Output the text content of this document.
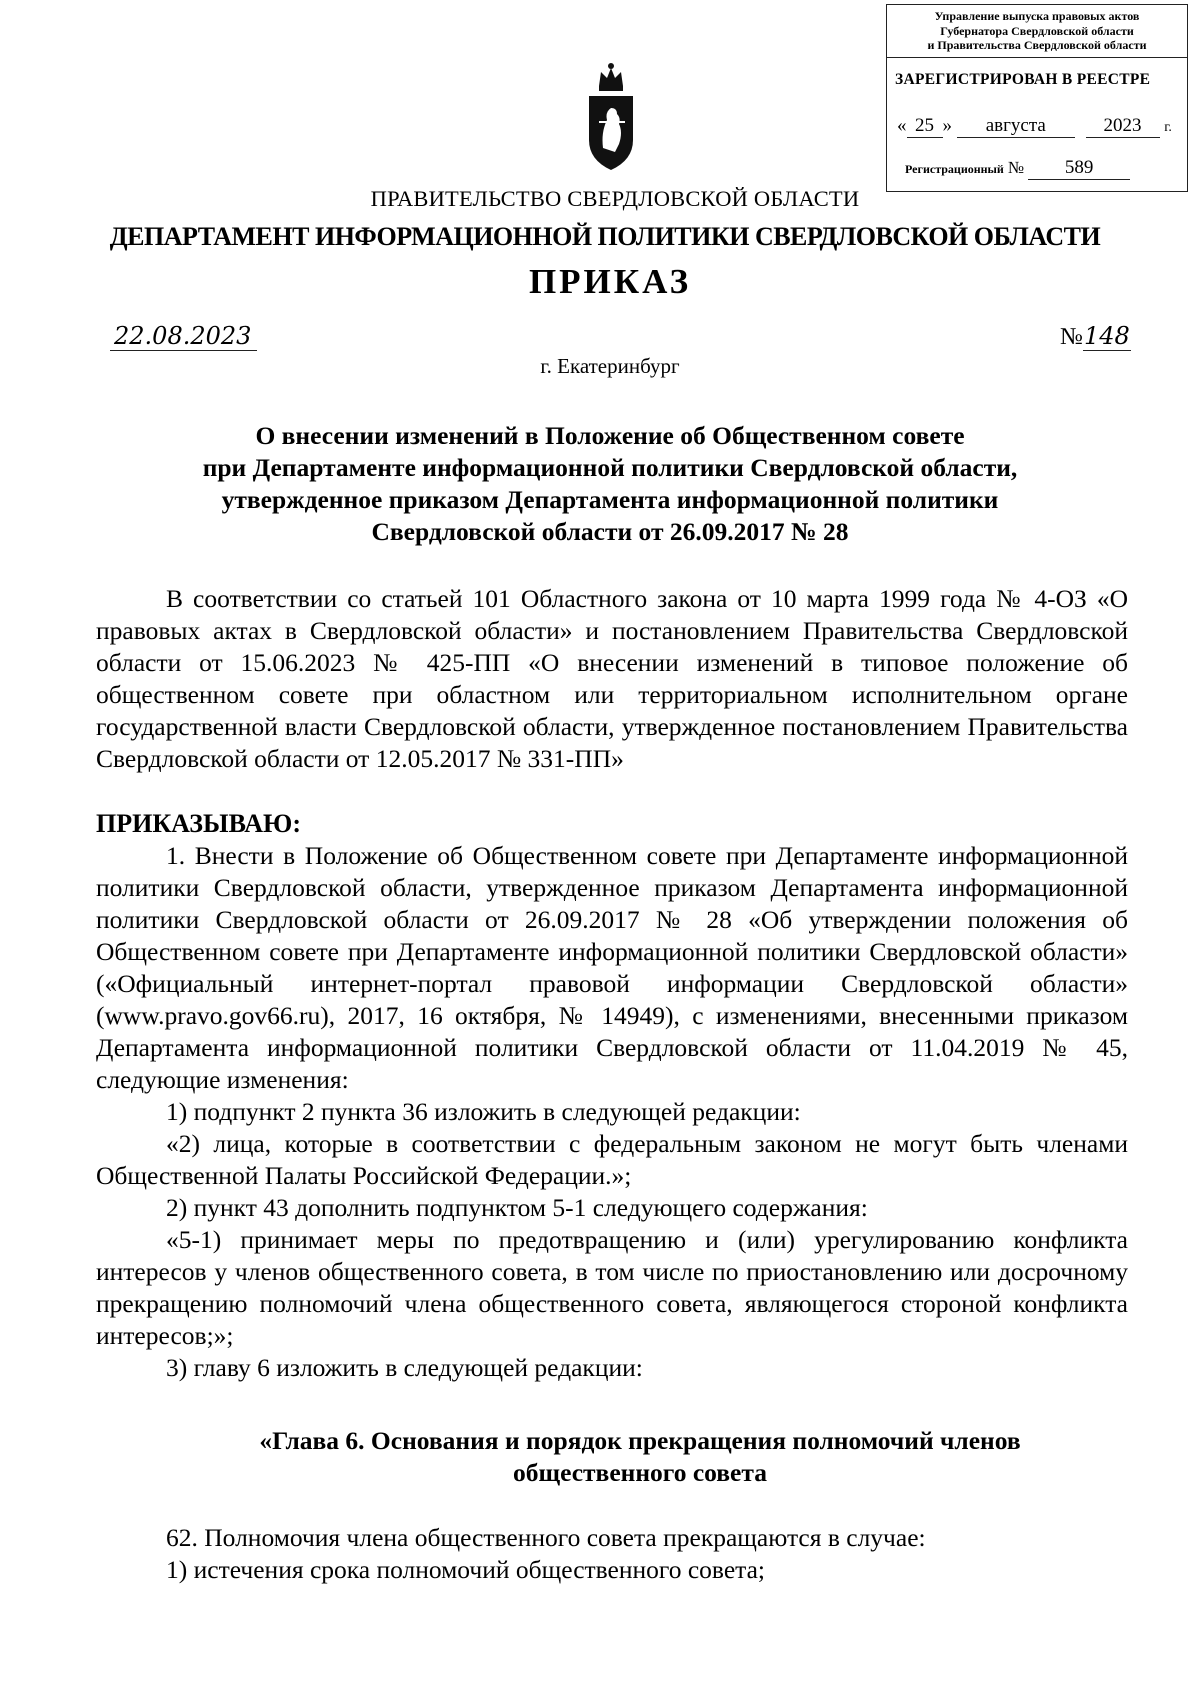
Управление выпуска правовых актов
Губернатора Свердловской области
и Правительства Свердловской области
ЗАРЕГИСТРИРОВАН В РЕЕСТРЕ
« 25 » августа	2023 г.
Регистрационный № 589
ПРАВИТЕЛЬСТВО СВЕРДЛОВСКОЙ ОБЛАСТИ
ДЕПАРТАМЕНТ ИНФОРМАЦИОННОЙ ПОЛИТИКИ СВЕРДЛОВСКОЙ ОБЛАСТИ
ПРИКАЗ
22.08.2023	№148
г. Екатеринбург
О внесении изменений в Положение об Общественном совете
при Департаменте информационной политики Свердловской области,
утвержденное приказом Департамента информационной политики
Свердловской области от 26.09.2017 № 28
В соответствии со статьей 101 Областного закона от 10 марта 1999 года № 4-ОЗ «О правовых актах в Свердловской области» и постановлением Правительства Свердловской области от 15.06.2023 № 425-ПП «О внесении изменений в типовое положение об общественном совете при областном или территориальном исполнительном органе государственной власти Свердловской области, утвержденное постановлением Правительства Свердловской области от 12.05.2017 № 331-ПП»
ПРИКАЗЫВАЮ:
1. Внести в Положение об Общественном совете при Департаменте информационной политики Свердловской области, утвержденное приказом Департамента информационной политики Свердловской области от 26.09.2017 № 28 «Об утверждении положения об Общественном совете при Департаменте информационной политики Свердловской области» («Официальный интернет-портал правовой информации Свердловской области» (www.pravo.gov66.ru), 2017, 16 октября, № 14949), с изменениями, внесенными приказом Департамента информационной политики Свердловской области от 11.04.2019 № 45, следующие изменения:
1) подпункт 2 пункта 36 изложить в следующей редакции:
«2) лица, которые в соответствии с федеральным законом не могут быть членами Общественной Палаты Российской Федерации.»;
2) пункт 43 дополнить подпунктом 5-1 следующего содержания:
«5-1) принимает меры по предотвращению и (или) урегулированию конфликта интересов у членов общественного совета, в том числе по приостановлению или досрочному прекращению полномочий члена общественного совета, являющегося стороной конфликта интересов;»;
3) главу 6 изложить в следующей редакции:
«Глава 6. Основания и порядок прекращения полномочий членов
общественного совета
62. Полномочия члена общественного совета прекращаются в случае:
1) истечения срока полномочий общественного совета;
